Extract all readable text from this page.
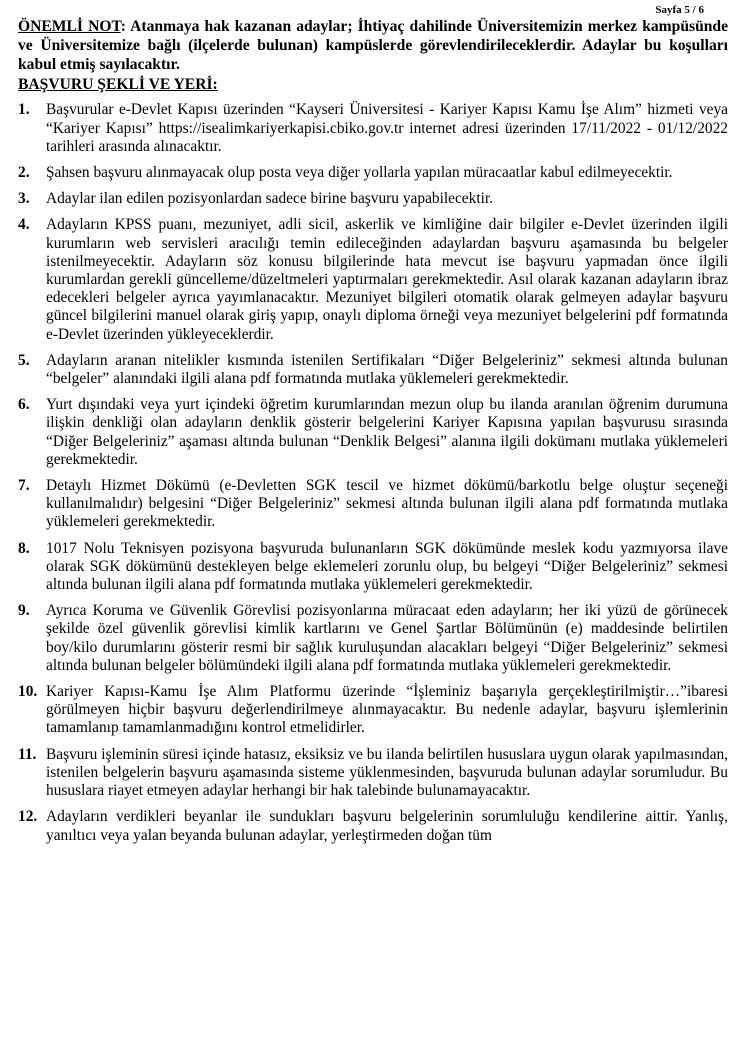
Sayfa 5 / 6

ÖNEMLİ NOT: Atanmaya hak kazanan adaylar; İhtiyaç dahilinde Üniversitemizin merkez kampüsünde ve Üniversitemize bağlı (ilçelerde bulunan) kampüslerde görevlendirileceklerdir. Adaylar bu koşulları kabul etmiş sayılacaktır.

BAŞVURU ŞEKLİ VE YERİ:
1.	Başvurular e-Devlet Kapısı üzerinden “Kayseri Üniversitesi - Kariyer Kapısı Kamu İşe Alım” hizmeti veya “Kariyer Kapısı” https://isealimkariyerkapisi.cbiko.gov.tr internet adresi üzerinden 17/11/2022 - 01/12/2022 tarihleri arasında alınacaktır.
2.	Şahsen başvuru alınmayacak olup posta veya diğer yollarla yapılan müracaatlar kabul edilmeyecektir.
3.	Adaylar ilan edilen pozisyonlardan sadece birine başvuru yapabilecektir.
4.	Adayların KPSS puanı, mezuniyet, adli sicil, askerlik ve kimliğine dair bilgiler e-Devlet üzerinden ilgili kurumların web servisleri aracılığı temin edileceğinden adaylardan başvuru aşamasında bu belgeler istenilmeyecektir. Adayların söz konusu bilgilerinde hata mevcut ise başvuru yapmadan önce ilgili kurumlardan gerekli güncelleme/düzeltmeleri yaptırmaları gerekmektedir. Asıl olarak kazanan adayların ibraz edecekleri belgeler ayrıca yayımlanacaktır. Mezuniyet bilgileri otomatik olarak gelmeyen adaylar başvuru güncel bilgilerini manuel olarak giriş yapıp, onaylı diploma örneği veya mezuniyet belgelerini pdf formatında e-Devlet üzerinden yükleyeceklerdir.
5.	Adayların aranan nitelikler kısmında istenilen Sertifikaları “Diğer Belgeleriniz” sekmesi altında bulunan “belgeler” alanındaki ilgili alana pdf formatında mutlaka yüklemeleri gerekmektedir.
6.	Yurt dışındaki veya yurt içindeki öğretim kurumlarından mezun olup bu ilanda aranılan öğrenim durumuna ilişkin denkliği olan adayların denklik gösterir belgelerini Kariyer Kapısına yapılan başvurusu sırasında “Diğer Belgeleriniz” aşaması altında bulunan “Denklik Belgesi” alanına ilgili dokümanı mutlaka yüklemeleri gerekmektedir.
7.	Detaylı Hizmet Dökümü (e-Devletten SGK tescil ve hizmet dökümü/barkotlu belge oluştur seçeneği kullanılmalıdır) belgesini “Diğer Belgeleriniz” sekmesi altında bulunan ilgili alana pdf formatında mutlaka yüklemeleri gerekmektedir.
8.	1017 Nolu Teknisyen pozisyona başvuruda bulunanların SGK dökümünde meslek kodu yazmıyorsa ilave olarak SGK dökümünü destekleyen belge eklemeleri zorunlu olup, bu belgeyi “Diğer Belgeleriniz” sekmesi altında bulunan ilgili alana pdf formatında mutlaka yüklemeleri gerekmektedir.
9.	Ayrıca Koruma ve Güvenlik Görevlisi pozisyonlarına müracaat eden adayların; her iki yüzü de görünecek şekilde özel güvenlik görevlisi kimlik kartlarını ve Genel Şartlar Bölümünün (e) maddesinde belirtilen boy/kilo durumlarını gösterir resmi bir sağlık kuruluşundan alacakları belgeyi “Diğer Belgeleriniz” sekmesi altında bulunan belgeler bölümündeki ilgili alana pdf formatında mutlaka yüklemeleri gerekmektedir.
10. Kariyer Kapısı-Kamu İşe Alım Platformu üzerinde “İşleminiz başarıyla gerçekleştirilmiştir…”ibaresi görülmeyen hiçbir başvuru değerlendirilmeye alınmayacaktır. Bu nedenle adaylar, başvuru işlemlerinin tamamlanıp tamamlanmadığını kontrol etmelidirler.
11. Başvuru işleminin süresi içinde hatasız, eksiksiz ve bu ilanda belirtilen hususlara uygun olarak yapılmasından, istenilen belgelerin başvuru aşamasında sisteme yüklenmesinden, başvuruda bulunan adaylar sorumludur. Bu hususlara riayet etmeyen adaylar herhangi bir hak talebinde bulunamayacaktır.
12. Adayların verdikleri beyanlar ile sundukları başvuru belgelerinin sorumluluğu kendilerine aittir. Yanlış, yanıltıcı veya yalan beyanda bulunan adaylar, yerleştirmeden doğan tüm
